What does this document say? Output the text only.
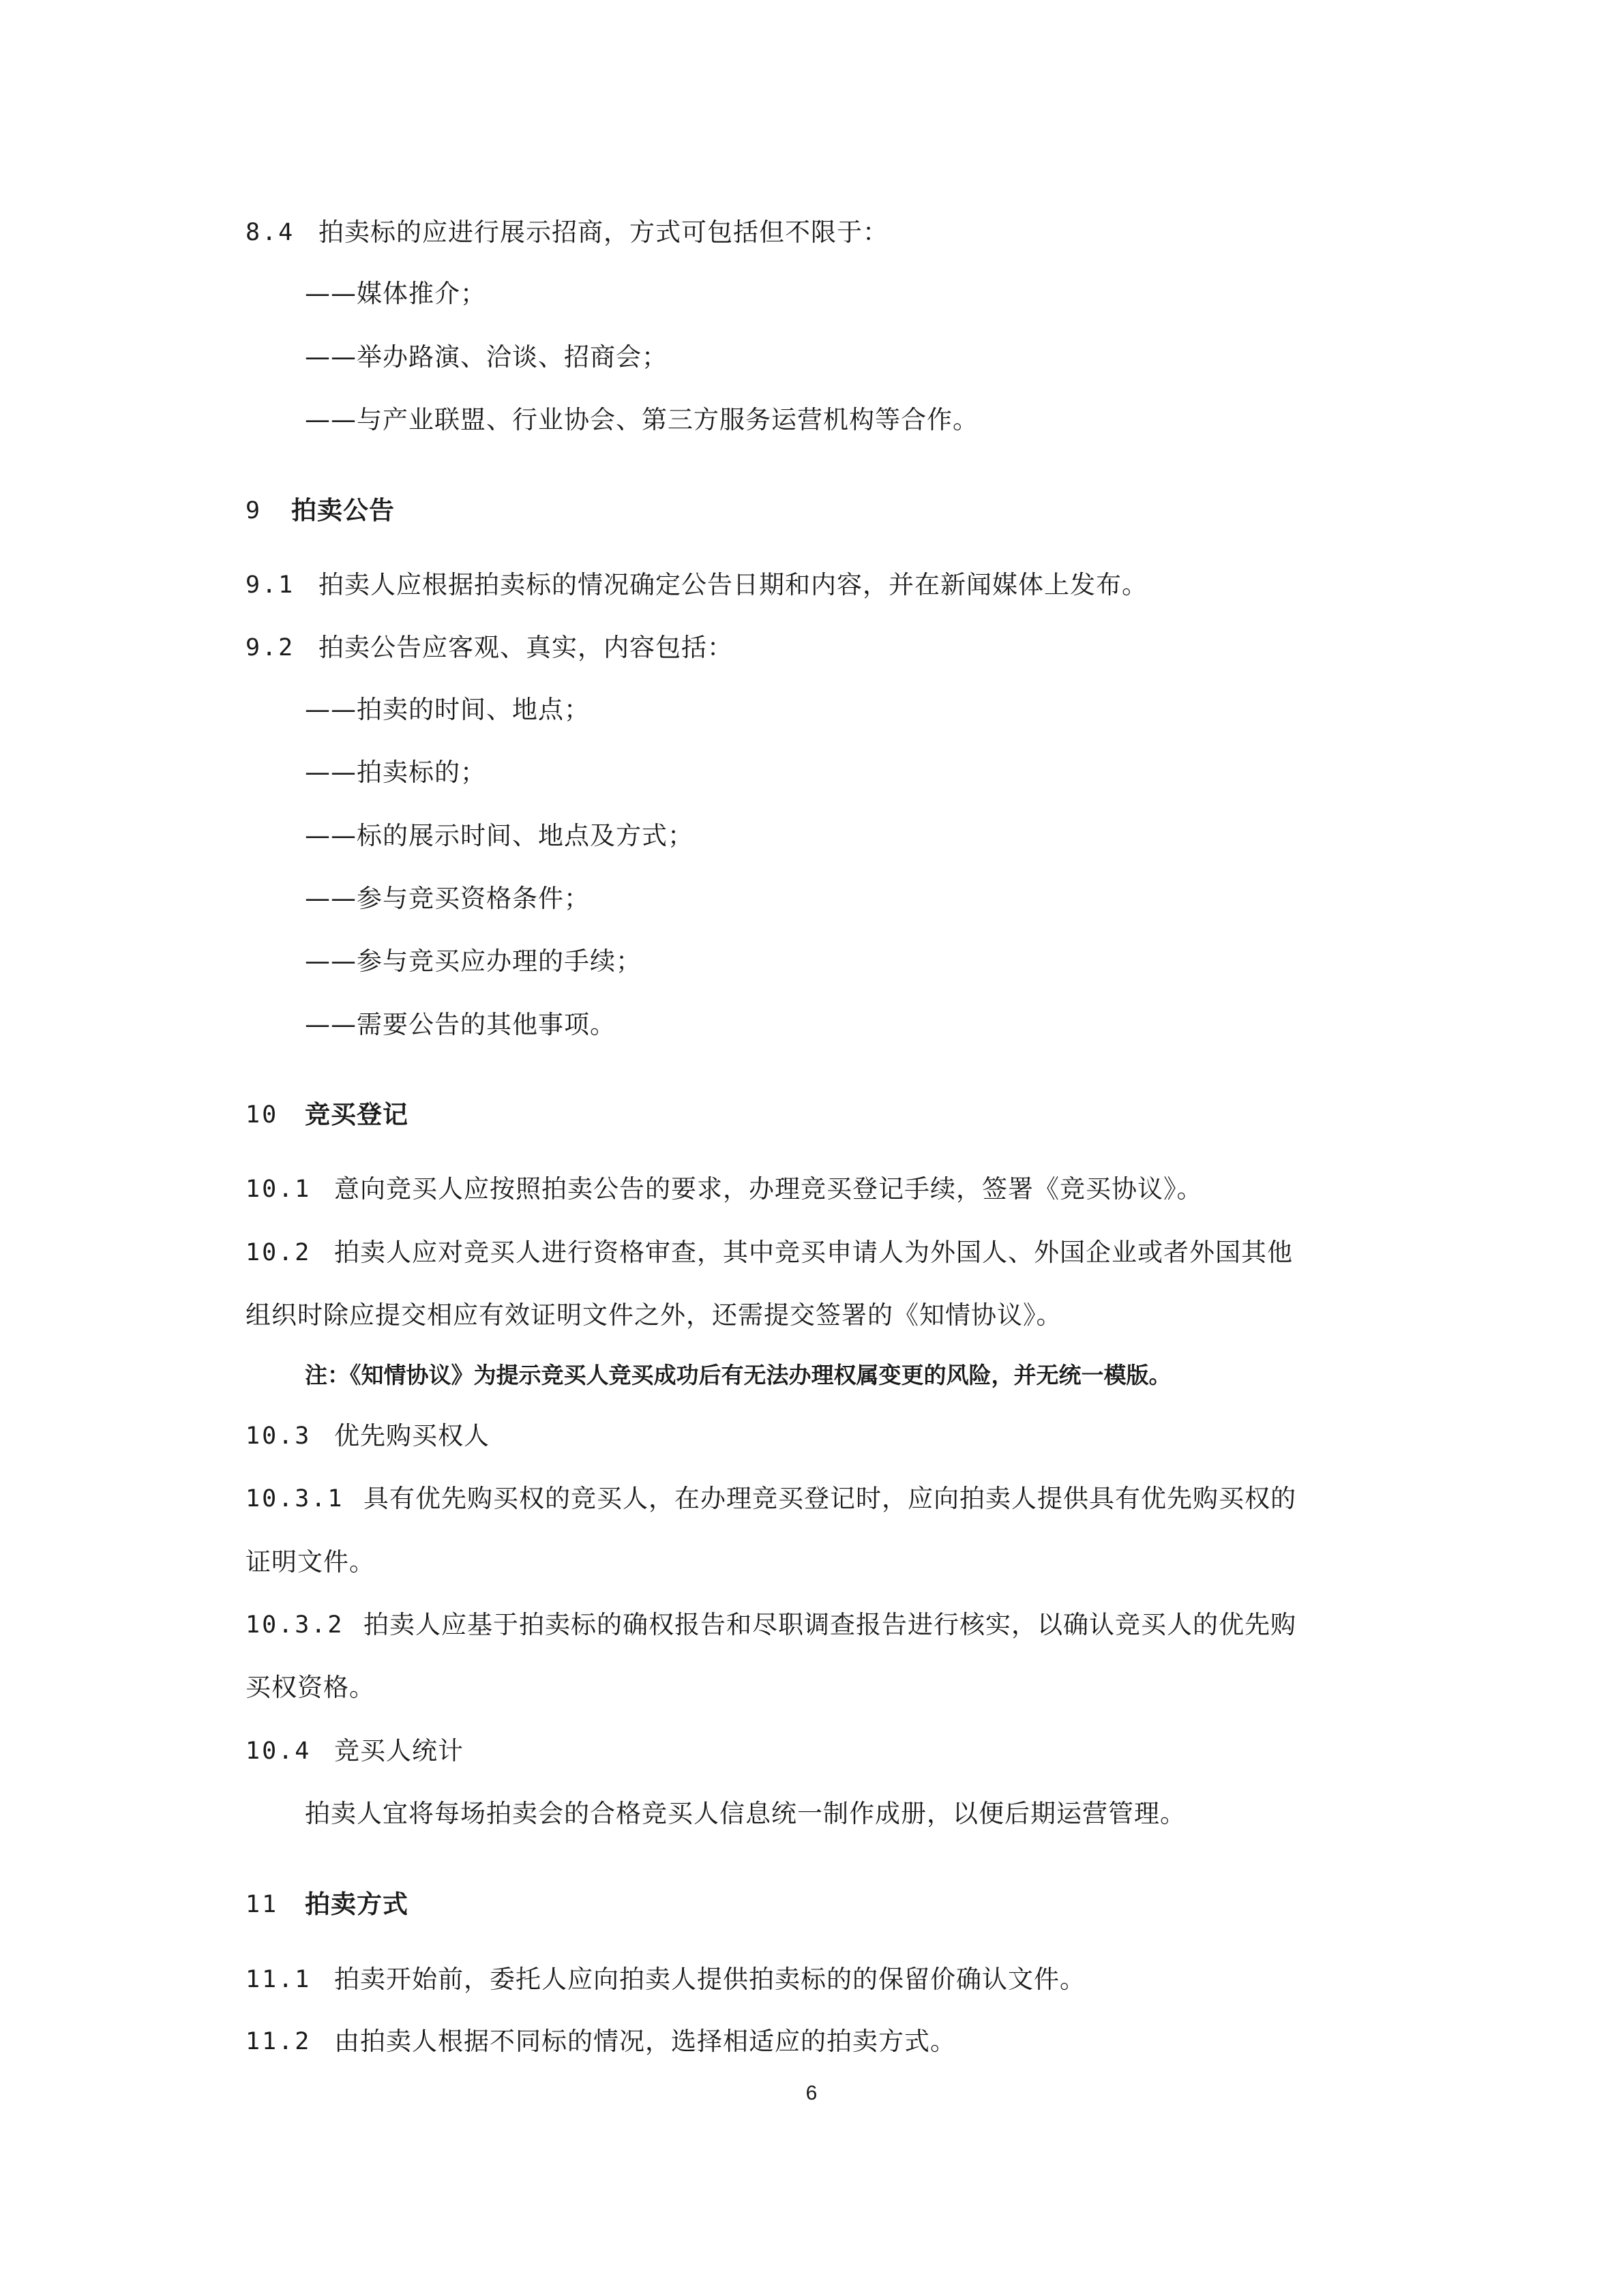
8.4 拍卖标的应进行展示招商，方式可包括但不限于：
——媒体推介；
——举办路演、洽谈、招商会；
——与产业联盟、行业协会、第三方服务运营机构等合作。
9 拍卖公告
9.1 拍卖人应根据拍卖标的情况确定公告日期和内容，并在新闻媒体上发布。
9.2 拍卖公告应客观、真实，内容包括：
——拍卖的时间、地点；
——拍卖标的；
——标的展示时间、地点及方式；
——参与竞买资格条件；
——参与竞买应办理的手续；
——需要公告的其他事项。
10 竞买登记
10.1 意向竞买人应按照拍卖公告的要求，办理竞买登记手续，签署《竞买协议》。
10.2 拍卖人应对竞买人进行资格审查，其中竞买申请人为外国人、外国企业或者外国其他
组织时除应提交相应有效证明文件之外，还需提交签署的《知情协议》。
注：《知情协议》为提示竞买人竞买成功后有无法办理权属变更的风险，并无统一模版。
10.3 优先购买权人
10.3.1 具有优先购买权的竞买人，在办理竞买登记时，应向拍卖人提供具有优先购买权的
证明文件。
10.3.2 拍卖人应基于拍卖标的确权报告和尽职调查报告进行核实，以确认竞买人的优先购
买权资格。
10.4 竞买人统计
拍卖人宜将每场拍卖会的合格竞买人信息统一制作成册，以便后期运营管理。
11 拍卖方式
11.1 拍卖开始前，委托人应向拍卖人提供拍卖标的的保留价确认文件。
11.2 由拍卖人根据不同标的情况，选择相适应的拍卖方式。
6
